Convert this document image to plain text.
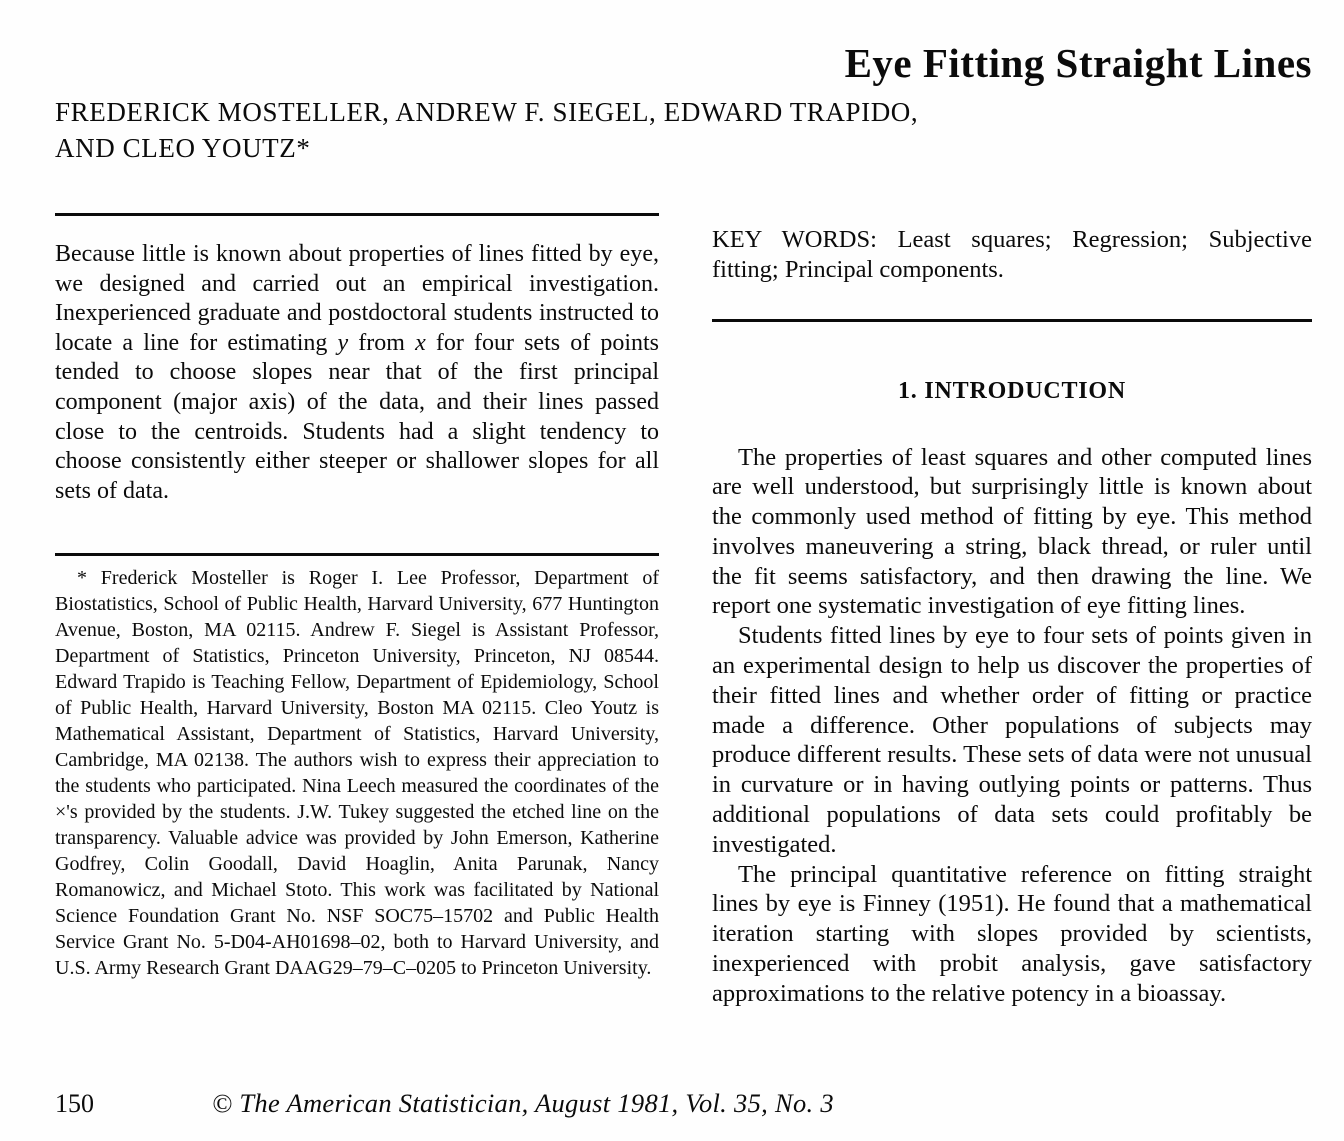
Eye Fitting Straight Lines
FREDERICK MOSTELLER, ANDREW F. SIEGEL, EDWARD TRAPIDO,
AND CLEO YOUTZ*

Because little is known about properties of lines fitted by eye, we designed and carried out an empirical investigation. Inexperienced graduate and postdoctoral students instructed to locate a line for estimating y from x for four sets of points tended to choose slopes near that of the first principal component (major axis) of the data, and their lines passed close to the centroids. Students had a slight tendency to choose consistently either steeper or shallower slopes for all sets of data.

* Frederick Mosteller is Roger I. Lee Professor, Department of Biostatistics, School of Public Health, Harvard University, 677 Huntington Avenue, Boston, MA 02115. Andrew F. Siegel is Assistant Professor, Department of Statistics, Princeton University, Princeton, NJ 08544. Edward Trapido is Teaching Fellow, Department of Epidemiology, School of Public Health, Harvard University, Boston MA 02115. Cleo Youtz is Mathematical Assistant, Department of Statistics, Harvard University, Cambridge, MA 02138. The authors wish to express their appreciation to the students who participated. Nina Leech measured the coordinates of the ×'s provided by the students. J.W. Tukey suggested the etched line on the transparency. Valuable advice was provided by John Emerson, Katherine Godfrey, Colin Goodall, David Hoaglin, Anita Parunak, Nancy Romanowicz, and Michael Stoto. This work was facilitated by National Science Foundation Grant No. NSF SOC75–15702 and Public Health Service Grant No. 5-D04-AH01698–02, both to Harvard University, and U.S. Army Research Grant DAAG29–79–C–0205 to Princeton University.

KEY WORDS: Least squares; Regression; Subjective fitting; Principal components.

1. INTRODUCTION

The properties of least squares and other computed lines are well understood, but surprisingly little is known about the commonly used method of fitting by eye. This method involves maneuvering a string, black thread, or ruler until the fit seems satisfactory, and then drawing the line. We report one systematic investigation of eye fitting lines.

Students fitted lines by eye to four sets of points given in an experimental design to help us discover the properties of their fitted lines and whether order of fitting or practice made a difference. Other populations of subjects may produce different results. These sets of data were not unusual in curvature or in having outlying points or patterns. Thus additional populations of data sets could profitably be investigated.

The principal quantitative reference on fitting straight lines by eye is Finney (1951). He found that a mathematical iteration starting with slopes provided by scientists, inexperienced with probit analysis, gave satisfactory approximations to the relative potency in a bioassay.

150	© The American Statistician, August 1981, Vol. 35, No. 3
